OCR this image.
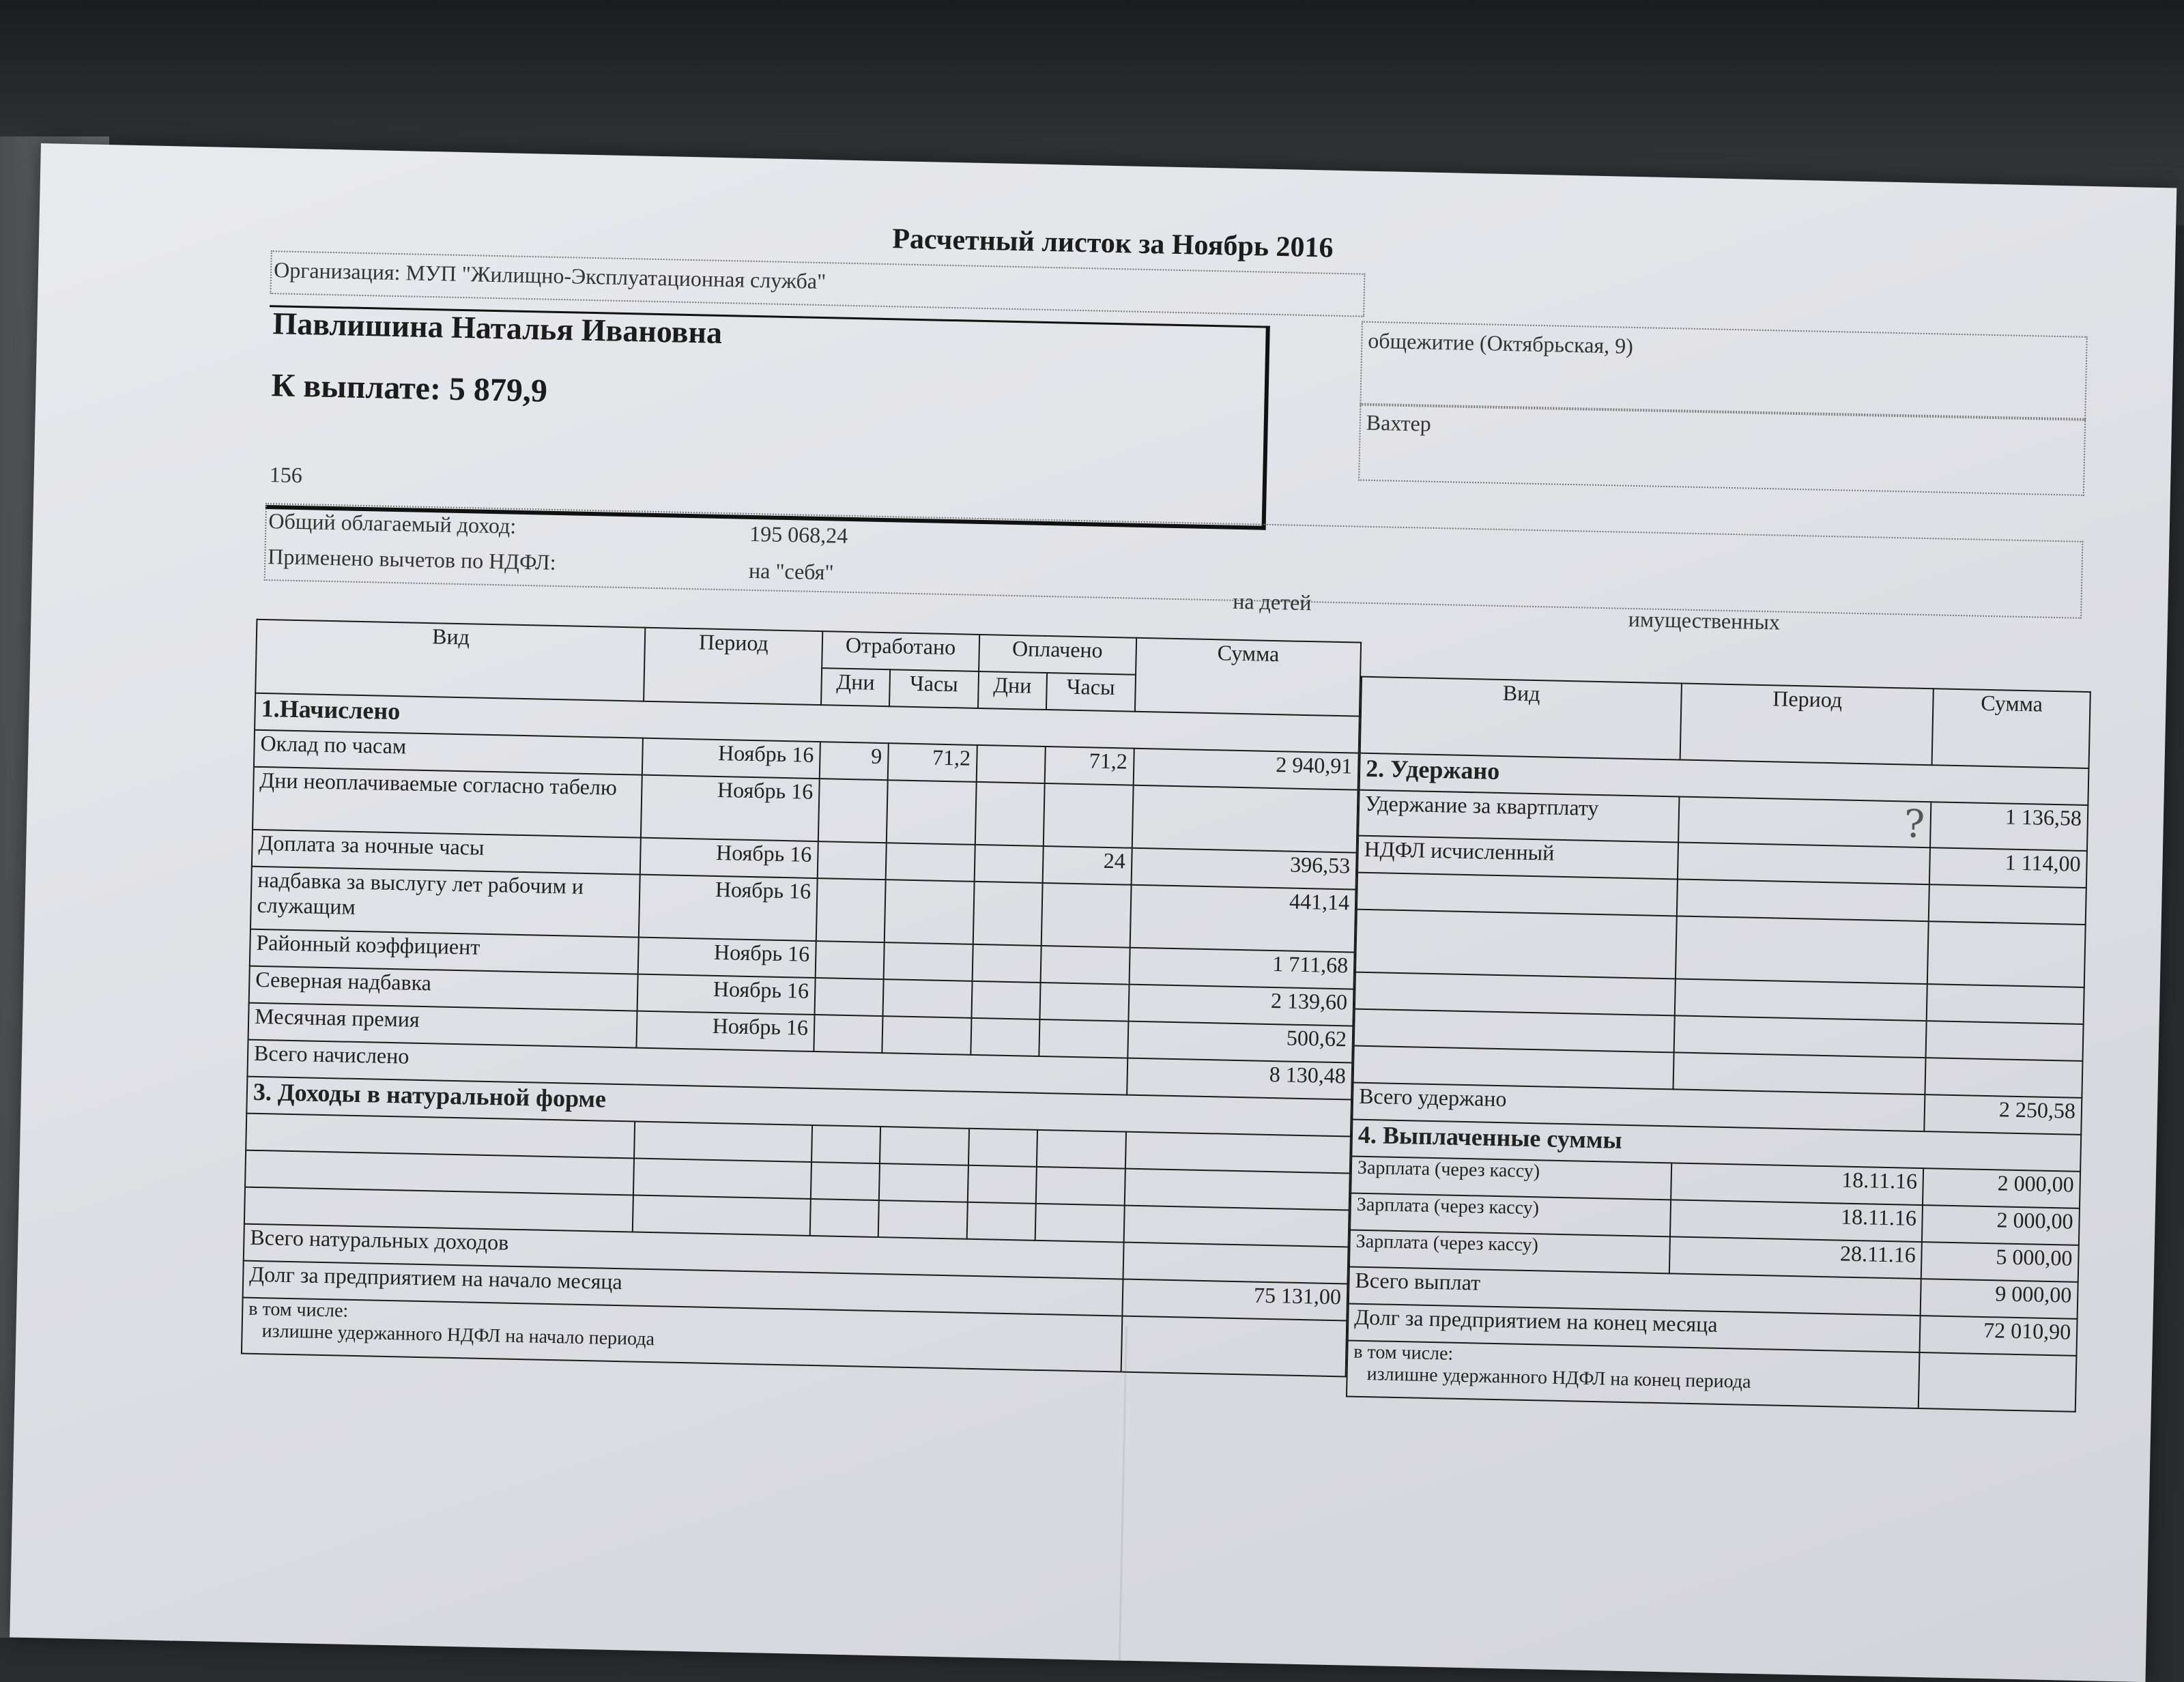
Расчетный листок за Ноябрь 2016
Организация: МУП "Жилищно-Эксплуатационная служба"
общежитие (Октябрьская, 9)
Вахтер
Павлишина Наталья Ивановна
К выплате: 5 879,9
156
Общий облагаемый доход:	195 068,24
Применено вычетов по НДФЛ:	на "себя"
на детей
имущественных
Вид	Период	Отработано		Оплачено		Сумма
		Дни	Часы	Дни	Часы	
1.Начислено						
Оклад по часам	Ноябрь 16	9	71,2		71,2	2 940,91
Дни неоплачиваемые согласно табелю	Ноябрь 16					
Доплата за ночные часы	Ноябрь 16				24	396,53
надбавка за выслугу лет рабочим и служащим	Ноябрь 16					441,14
Районный коэффициент	Ноябрь 16					1 711,68
Северная надбавка	Ноябрь 16					2 139,60
Месячная премия	Ноябрь 16					500,62
Всего начислено						8 130,48
3. Доходы в натуральной форме						

Всего натуральных доходов						
Долг за предприятием на начало месяца						75 131,00

в том числе:
излишне удержанного НДФЛ на начало периода						

Вид	Период	Сумма
2. Удержано		
Удержание за квартплату	?	1 136,58
НДФЛ исчисленный		1 114,00

Всего удержано		2 250,58
4. Выплаченные суммы		
Зарплата (через кассу)	18.11.16	2 000,00
Зарплата (через кассу)	18.11.16	2 000,00
Зарплата (через кассу)	28.11.16	5 000,00
Всего выплат		9 000,00
Долг за предприятием на конец месяца		72 010,90

в том числе:
излишне удержанного НДФЛ на конец периода		
